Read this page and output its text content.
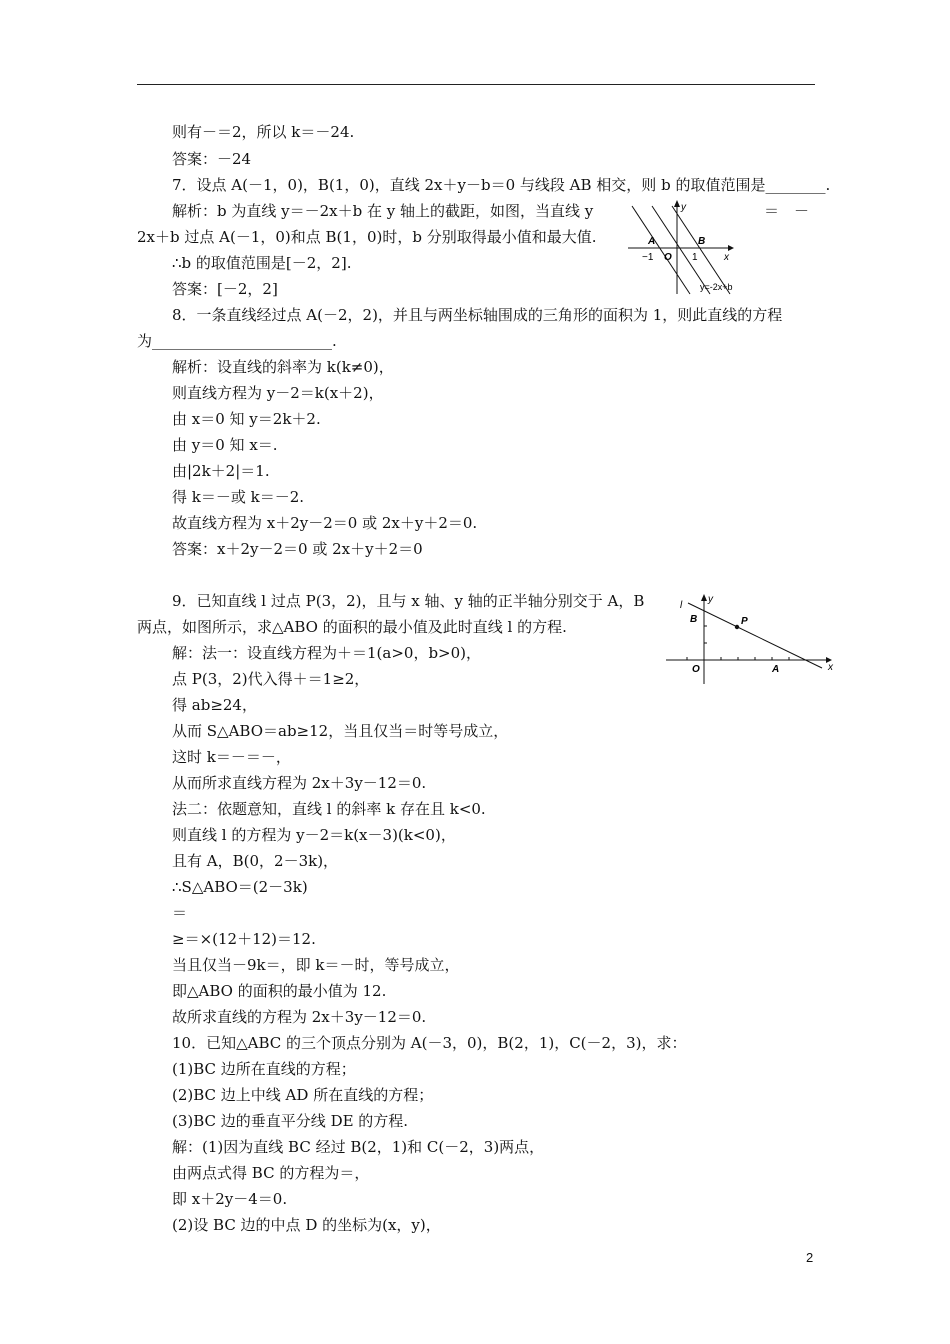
则有－＝2，所以 k＝－24.
答案：－24
7．设点 A(－1，0)，B(1，0)，直线 2x＋y－b＝0 与线段 AB 相交，则 b 的取值范围是________.
解析：b 为直线 y＝－2x＋b 在 y 轴上的截距，如图，当直线 y	＝　－
2x＋b 过点 A(－1，0)和点 B(1，0)时，b 分别取得最小值和最大值.
∴b 的取值范围是[－2，2].
答案：[－2，2]
8．一条直线经过点 A(－2，2)，并且与两坐标轴围成的三角形的面积为 1，则此直线的方程
为________________________.
解析：设直线的斜率为 k(k≠0)，
则直线方程为 y－2＝k(x＋2)，
由 x＝0 知 y＝2k＋2.
由 y＝0 知 x＝.
由|2k＋2|＝1.
得 k＝－或 k＝－2.
故直线方程为 x＋2y－2＝0 或 2x＋y＋2＝0.
答案：x＋2y－2＝0 或 2x＋y＋2＝0
9．已知直线 l 过点 P(3，2)，且与 x 轴、y 轴的正半轴分别交于 A，B
两点，如图所示，求△ABO 的面积的最小值及此时直线 l 的方程.
解：法一：设直线方程为＋＝1(a>0，b>0)，
点 P(3，2)代入得＋＝1≥2，
得 ab≥24，
从而 S△ABO＝ab≥12，当且仅当＝时等号成立，
这时 k＝－＝－，
从而所求直线方程为 2x＋3y－12＝0.
法二：依题意知，直线 l 的斜率 k 存在且 k<0.
则直线 l 的方程为 y－2＝k(x－3)(k<0)，
且有 A，B(0，2－3k)，
∴S△ABO＝(2－3k)
＝
≥＝×(12＋12)＝12.
当且仅当－9k＝，即 k＝－时，等号成立，
即△ABO 的面积的最小值为 12.
故所求直线的方程为 2x＋3y－12＝0.
10．已知△ABC 的三个顶点分别为 A(－3，0)，B(2，1)，C(－2，3)，求：
(1)BC 边所在直线的方程；
(2)BC 边上中线 AD 所在直线的方程；
(3)BC 边的垂直平分线 DE 的方程.
解：(1)因为直线 BC 经过 B(2，1)和 C(－2，3)两点，
由两点式得 BC 的方程为＝，
即 x＋2y－4＝0.
(2)设 BC 边的中点 D 的坐标为(x，y)，
y
A	B
−1 O 1	x
y=-2x+b
l
y
B	P
O	A	x
2
